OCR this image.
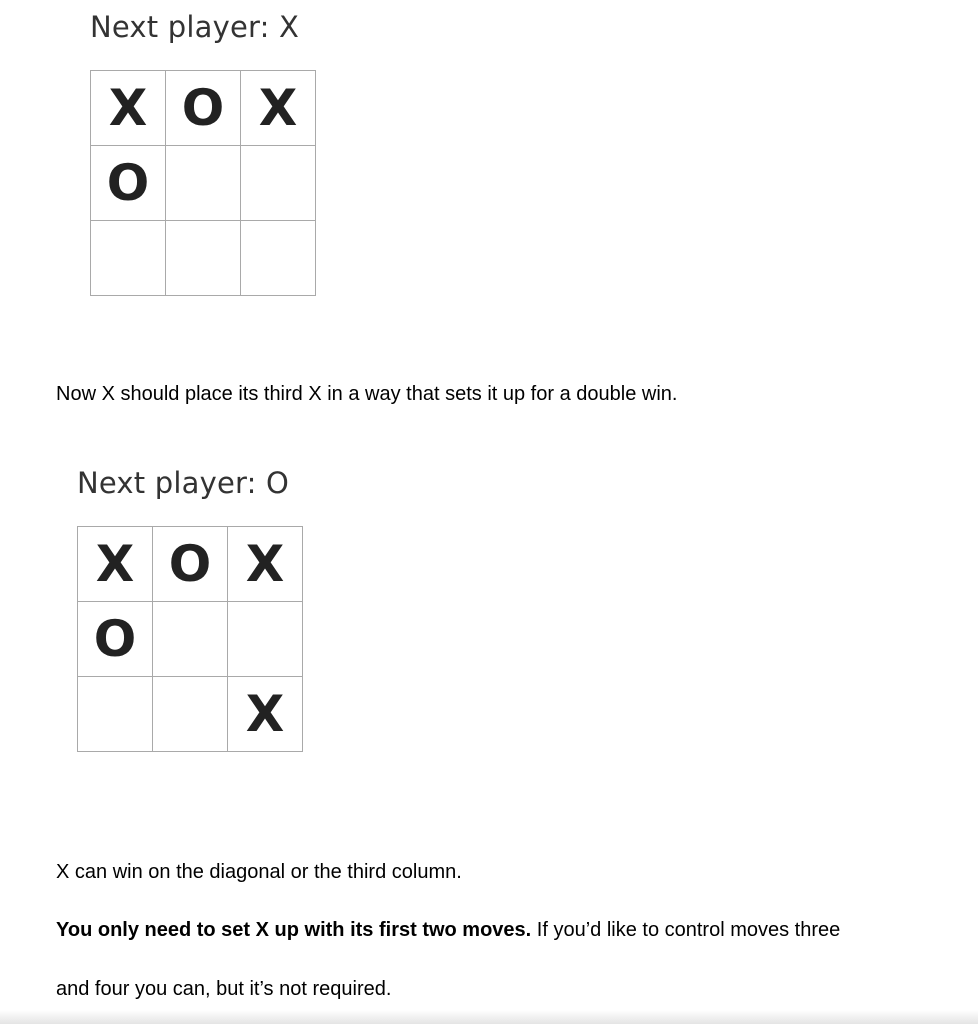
Next player: X
X O X
O
Now X should place its third X in a way that sets it up for a double win.
Next player: O
X O X
O
X
X can win on the diagonal or the third column.
You only need to set X up with its first two moves. If you’d like to control moves three
and four you can, but it’s not required.
